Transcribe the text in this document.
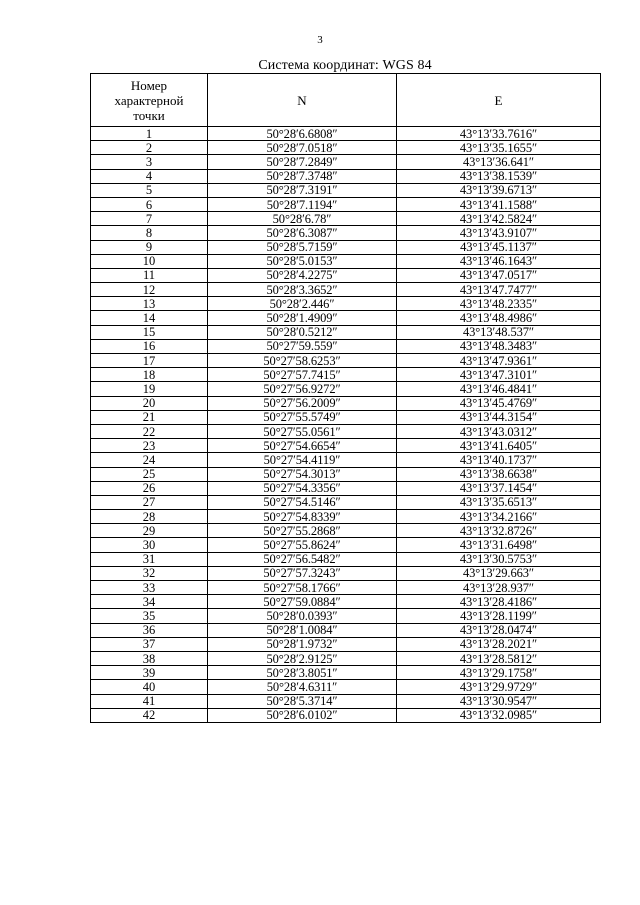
3
Система координат: WGS 84
Номер характерной точки	N	E
1	50°28′6.6808″	43°13′33.7616″
2	50°28′7.0518″	43°13′35.1655″
3	50°28′7.2849″	43°13′36.641″
4	50°28′7.3748″	43°13′38.1539″
5	50°28′7.3191″	43°13′39.6713″
6	50°28′7.1194″	43°13′41.1588″
7	50°28′6.78″	43°13′42.5824″
8	50°28′6.3087″	43°13′43.9107″
9	50°28′5.7159″	43°13′45.1137″
10	50°28′5.0153″	43°13′46.1643″
11	50°28′4.2275″	43°13′47.0517″
12	50°28′3.3652″	43°13′47.7477″
13	50°28′2.446″	43°13′48.2335″
14	50°28′1.4909″	43°13′48.4986″
15	50°28′0.5212″	43°13′48.537″
16	50°27′59.559″	43°13′48.3483″
17	50°27′58.6253″	43°13′47.9361″
18	50°27′57.7415″	43°13′47.3101″
19	50°27′56.9272″	43°13′46.4841″
20	50°27′56.2009″	43°13′45.4769″
21	50°27′55.5749″	43°13′44.3154″
22	50°27′55.0561″	43°13′43.0312″
23	50°27′54.6654″	43°13′41.6405″
24	50°27′54.4119″	43°13′40.1737″
25	50°27′54.3013″	43°13′38.6638″
26	50°27′54.3356″	43°13′37.1454″
27	50°27′54.5146″	43°13′35.6513″
28	50°27′54.8339″	43°13′34.2166″
29	50°27′55.2868″	43°13′32.8726″
30	50°27′55.8624″	43°13′31.6498″
31	50°27′56.5482″	43°13′30.5753″
32	50°27′57.3243″	43°13′29.663″
33	50°27′58.1766″	43°13′28.937″
34	50°27′59.0884″	43°13′28.4186″
35	50°28′0.0393″	43°13′28.1199″
36	50°28′1.0084″	43°13′28.0474″
37	50°28′1.9732″	43°13′28.2021″
38	50°28′2.9125″	43°13′28.5812″
39	50°28′3.8051″	43°13′29.1758″
40	50°28′4.6311″	43°13′29.9729″
41	50°28′5.3714″	43°13′30.9547″
42	50°28′6.0102″	43°13′32.0985″
